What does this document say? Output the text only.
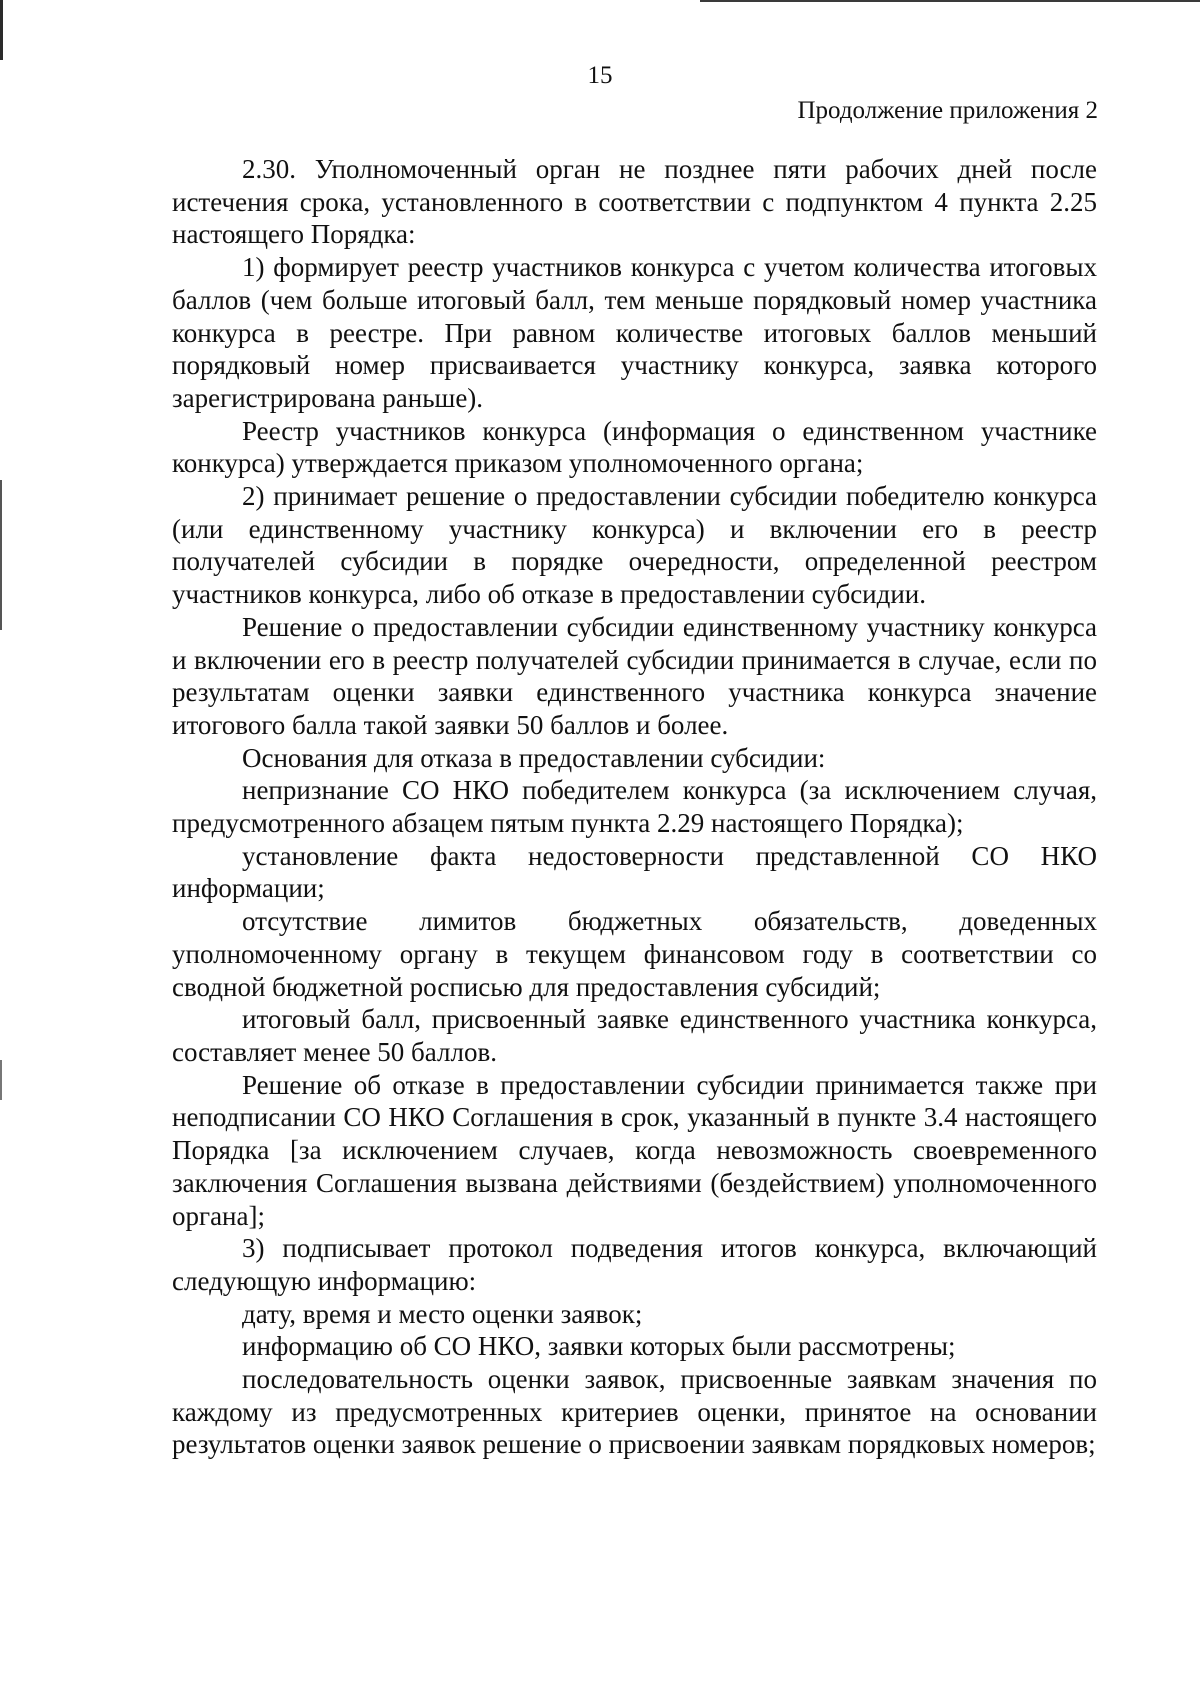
15
Продолжение приложения 2

2.30. Уполномоченный орган не позднее пяти рабочих дней после истечения срока, установленного в соответствии с подпунктом 4 пункта 2.25 настоящего Порядка:

1) формирует реестр участников конкурса с учетом количества итоговых баллов (чем больше итоговый балл, тем меньше порядковый номер участника конкурса в реестре. При равном количестве итоговых баллов меньший порядковый номер присваивается участнику конкурса, заявка которого зарегистрирована раньше).

Реестр участников конкурса (информация о единственном участнике конкурса) утверждается приказом уполномоченного органа;

2) принимает решение о предоставлении субсидии победителю конкурса (или единственному участнику конкурса) и включении его в реестр получателей субсидии в порядке очередности, определенной реестром участников конкурса, либо об отказе в предоставлении субсидии.

Решение о предоставлении субсидии единственному участнику конкурса и включении его в реестр получателей субсидии принимается в случае, если по результатам оценки заявки единственного участника конкурса значение итогового балла такой заявки 50 баллов и более.

Основания для отказа в предоставлении субсидии:

непризнание СО НКО победителем конкурса (за исключением случая, предусмотренного абзацем пятым пункта 2.29 настоящего Порядка);

установление факта недостоверности представленной СО НКО информации;

отсутствие лимитов бюджетных обязательств, доведенных уполномоченному органу в текущем финансовом году в соответствии со сводной бюджетной росписью для предоставления субсидий;

итоговый балл, присвоенный заявке единственного участника конкурса, составляет менее 50 баллов.

Решение об отказе в предоставлении субсидии принимается также при неподписании СО НКО Соглашения в срок, указанный в пункте 3.4 настоящего Порядка [за исключением случаев, когда невозможность своевременного заключения Соглашения вызвана действиями (бездействием) уполномоченного органа];

3) подписывает протокол подведения итогов конкурса, включающий следующую информацию:

дату, время и место оценки заявок;

информацию об СО НКО, заявки которых были рассмотрены;

последовательность оценки заявок, присвоенные заявкам значения по каждому из предусмотренных критериев оценки, принятое на основании результатов оценки заявок решение о присвоении заявкам порядковых номеров;
